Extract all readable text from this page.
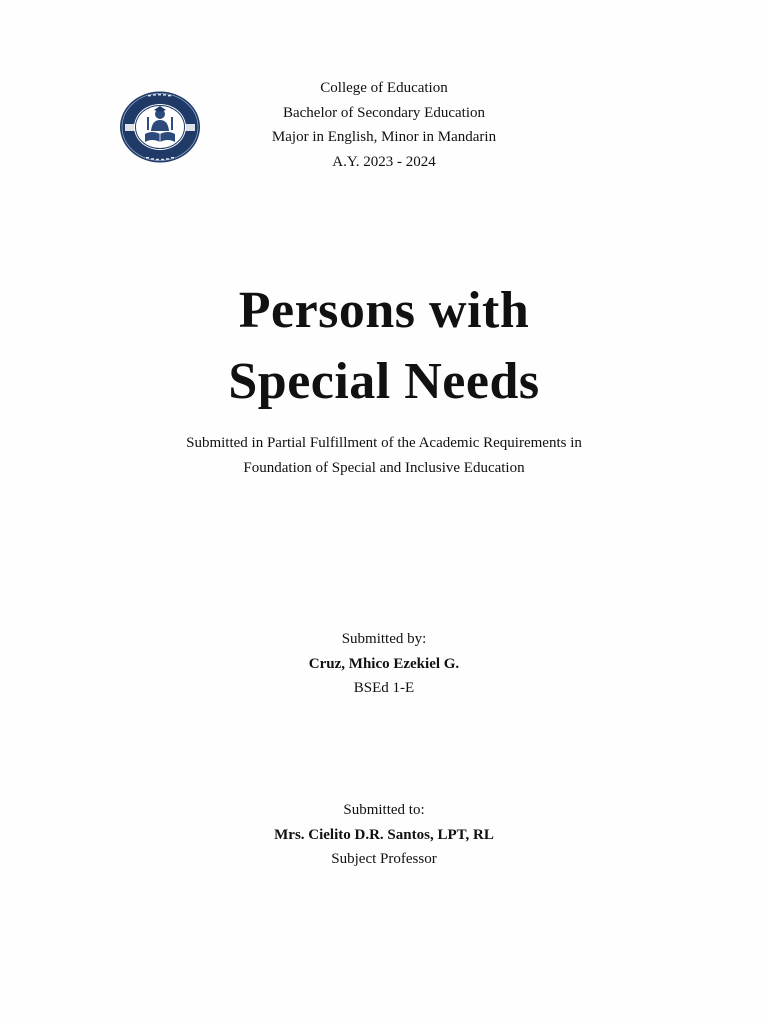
College of Education
Bachelor of Secondary Education
Major in English, Minor in Mandarin
A.Y. 2023 - 2024
Persons with
Special Needs
Submitted in Partial Fulfillment of the Academic Requirements in
Foundation of Special and Inclusive Education
Submitted by:
Cruz, Mhico Ezekiel G.
BSEd 1-E
Submitted to:
Mrs. Cielito D.R. Santos, LPT, RL
Subject Professor
